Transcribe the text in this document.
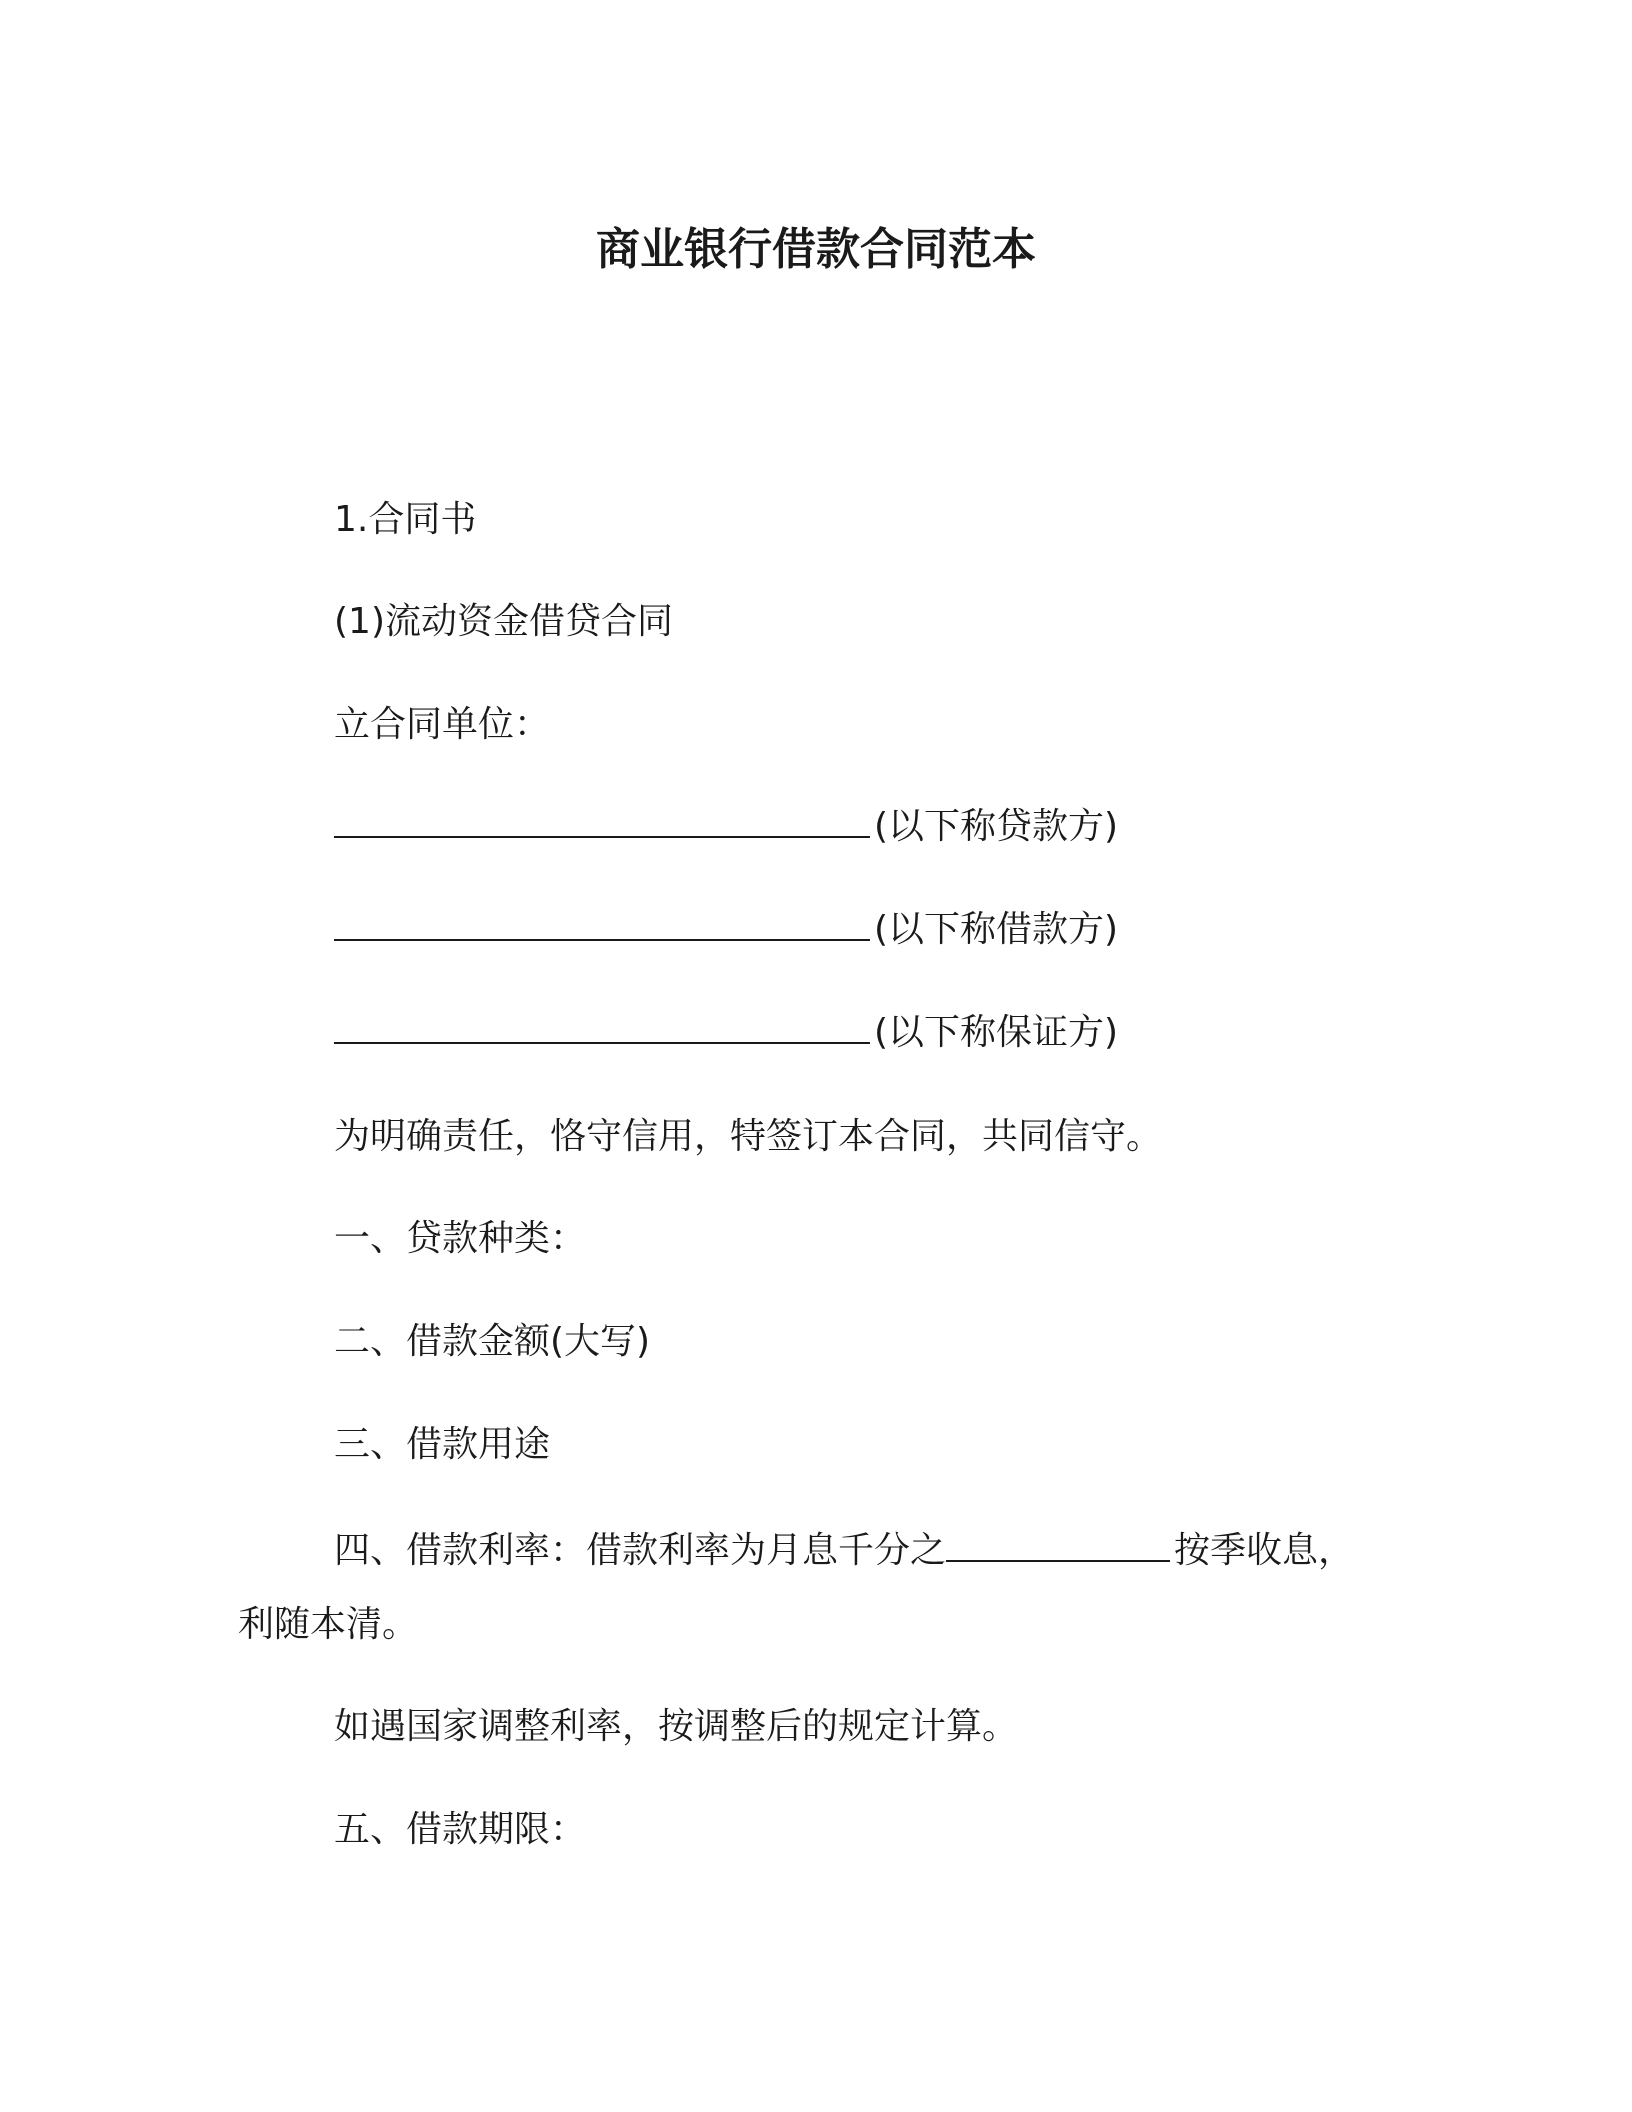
商业银行借款合同范本
1.合同书
(1)流动资金借贷合同
立合同单位：
(以下称贷款方)
(以下称借款方)
(以下称保证方)
为明确责任，恪守信用，特签订本合同，共同信守。
一、贷款种类：
二、借款金额(大写)
三、借款用途
四、借款利率：借款利率为月息千分之	按季收息，
利随本清。
如遇国家调整利率，按调整后的规定计算。
五、借款期限：
